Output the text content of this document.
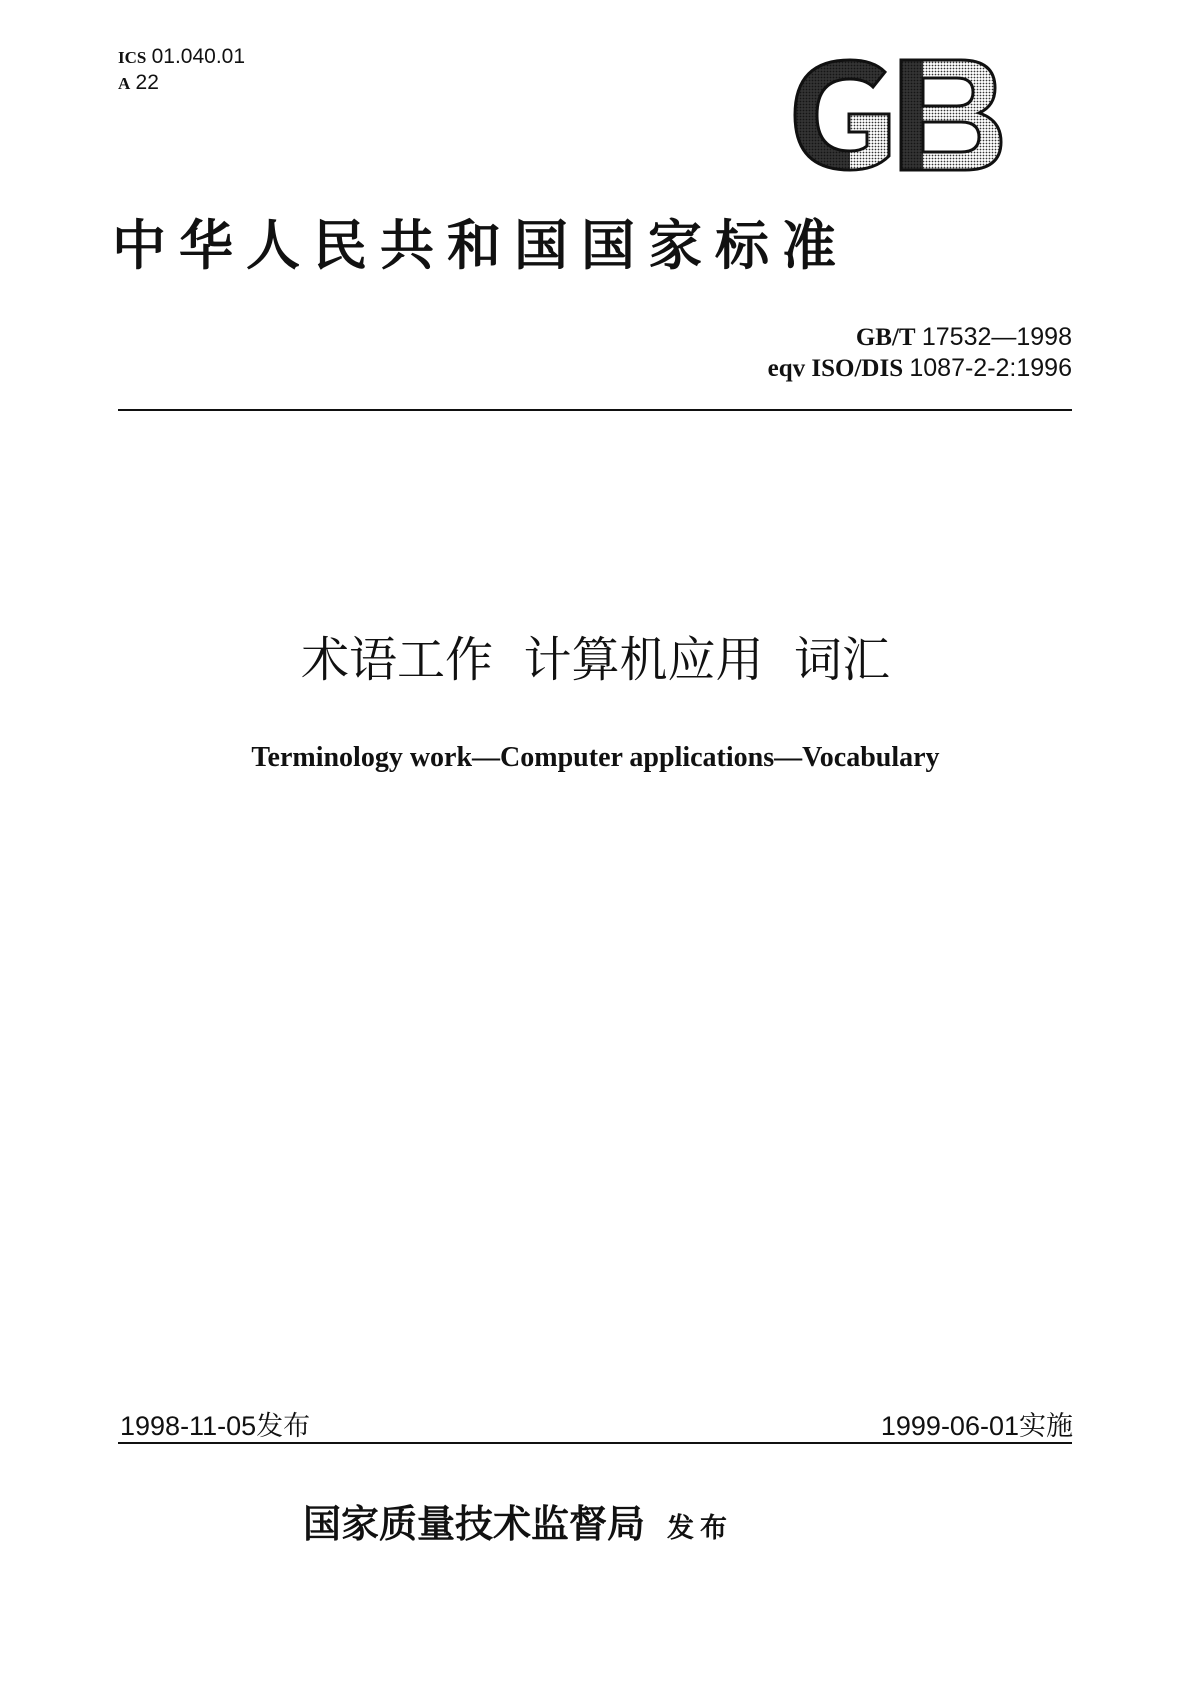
ICS 01.040.01
A 22
中华人民共和国国家标准
GB/T 17532—1998
eqv ISO/DIS 1087-2-2:1996
术语工作  计算机应用  词汇
Terminology work—Computer applications—Vocabulary
1998-11-05发布	1999-06-01实施
国家质量技术监督局 发布
